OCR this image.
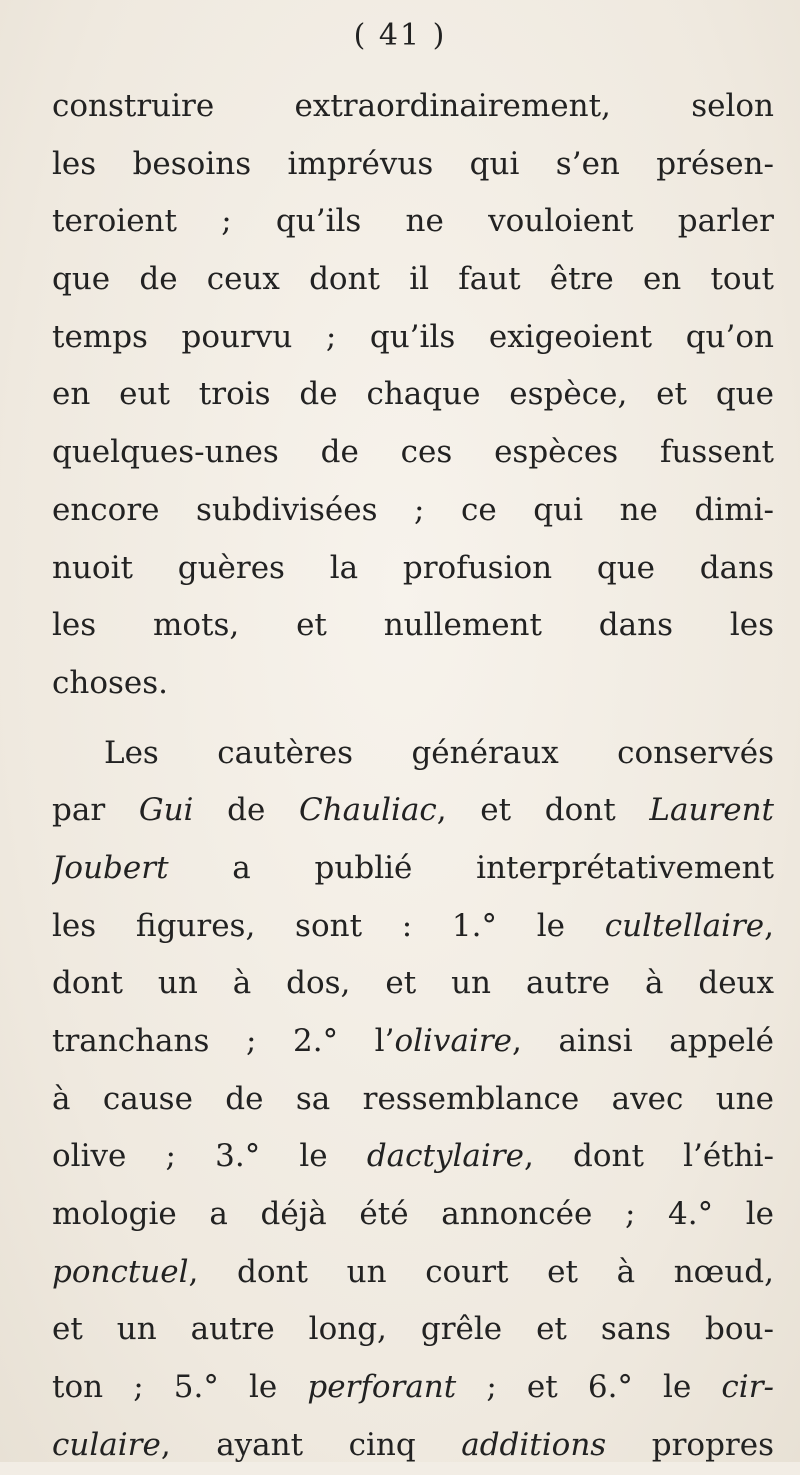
( 41 )
construire extraordinairement, selon
les besoins imprévus qui s’en présen-
teroient ; qu’ils ne vouloient parler
que de ceux dont il faut être en tout
temps pourvu ; qu’ils exigeoient qu’on
en eut trois de chaque espèce, et que
quelques-unes de ces espèces fussent
encore subdivisées ; ce qui ne dimi-
nuoit guères la profusion que dans
les mots, et nullement dans les
choses.
Les cautères généraux conservés
par Gui de Chauliac, et dont Laurent
Joubert a publié interprétativement
les figures, sont : 1.° le cultellaire,
dont un à dos, et un autre à deux
tranchans ; 2.° l’olivaire, ainsi appelé
à cause de sa ressemblance avec une
olive ; 3.° le dactylaire, dont l’éthi-
mologie a déjà été annoncée ; 4.° le
ponctuel, dont un court et à nœud,
et un autre long, grêle et sans bou-
ton ; 5.° le perforant ; et 6.° le cir-
culaire, ayant cinq additions propres
